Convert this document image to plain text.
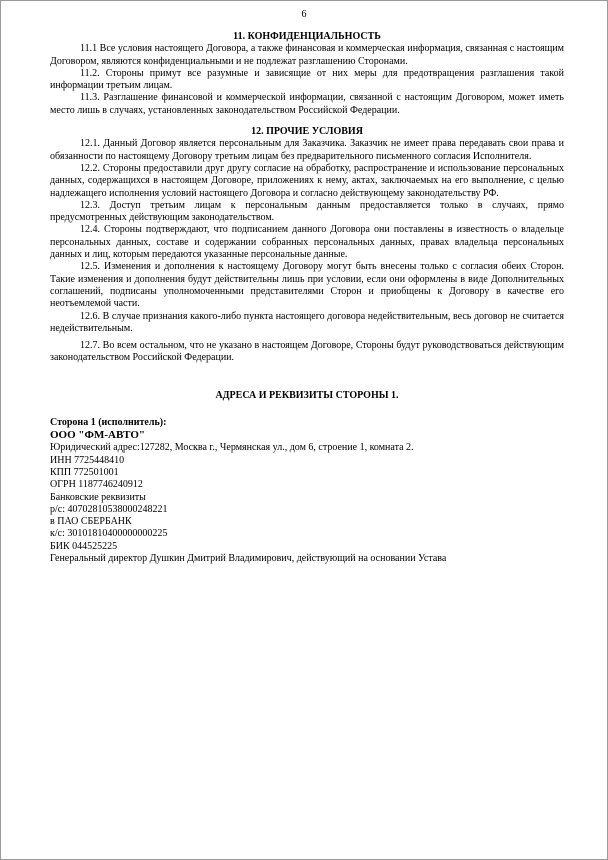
6

11. КОНФИДЕНЦИАЛЬНОСТЬ

11.1 Все условия настоящего Договора, а также финансовая и коммерческая информация, связанная с настоящим Договором, являются конфиденциальными и не подлежат разглашению Сторонами.

11.2. Стороны примут все разумные и зависящие от них меры для предотвращения разглашения такой информации третьим лицам.

11.3. Разглашение финансовой и коммерческой информации, связанной с настоящим Договором, может иметь место лишь в случаях, установленных законодательством Российской Федерации.

12. ПРОЧИЕ УСЛОВИЯ

12.1. Данный Договор является персональным для Заказчика. Заказчик не имеет права передавать свои права и обязанности по настоящему Договору третьим лицам без предварительного письменного согласия Исполнителя.

12.2. Стороны предоставили друг другу согласие на обработку, распространение и использование персональных данных, содержащихся в настоящем Договоре, приложениях к нему, актах, заключаемых на его выполнение, с целью надлежащего исполнения условий настоящего Договора и согласно действующему законодательству РФ.

12.3. Доступ третьим лицам к персональным данным предоставляется только в случаях, прямо предусмотренных действующим законодательством.

12.4. Стороны подтверждают, что подписанием данного Договора они поставлены в известность о владельце персональных данных, составе и содержании собранных персональных данных, правах владельца персональных данных и лиц, которым передаются указанные персональные данные.

12.5. Изменения и дополнения к настоящему Договору могут быть внесены только с согласия обеих Сторон. Такие изменения и дополнения будут действительны лишь при условии, если они оформлены в виде Дополнительных соглашений, подписаны уполномоченными представителями Сторон и приобщены к Договору в качестве его неотъемлемой части.

12.6. В случае признания какого-либо пункта настоящего договора недействительным, весь договор не считается недействительным.

12.7. Во всем остальном, что не указано в настоящем Договоре, Стороны будут руководствоваться действующим законодательством Российской Федерации.

АДРЕСА И РЕКВИЗИТЫ СТОРОНЫ 1.

Сторона 1 (исполнитель):

ООО "ФМ-АВТО"

Юридический адрес:127282, Москва г., Чермянская ул., дом 6, строение 1, комната 2.

ИНН 7725448410

КПП 772501001

ОГРН 1187746240912

Банковские реквизиты

р/с: 40702810538000248221

в ПАО СБЕРБАНК

к/с: 30101810400000000225

БИК 044525225

Генеральный директор Душкин Дмитрий Владимирович, действующий на основании Устава
